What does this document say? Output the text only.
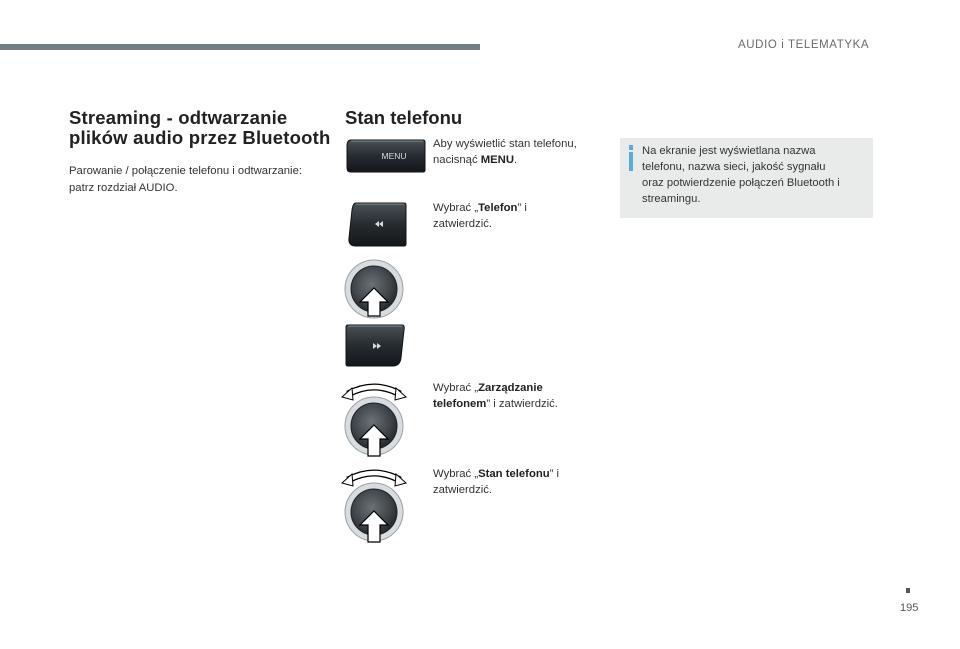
AUDIO i TELEMATYKA
Streaming - odtwarzanie
plików audio przez Bluetooth
Parowanie / połączenie telefonu i odtwarzanie:
patrz rozdział AUDIO.
Stan telefonu
MENU
Aby wyświetlić stan telefonu,
nacisnąć MENU.
Wybrać „Telefon” i
zatwierdzić.
Wybrać „Zarządzanie
telefonem” i zatwierdzić.
Wybrać „Stan telefonu” i
zatwierdzić.
Na ekranie jest wyświetlana nazwa
telefonu, nazwa sieci, jakość sygnału
oraz potwierdzenie połączeń Bluetooth i
streamingu.
195
